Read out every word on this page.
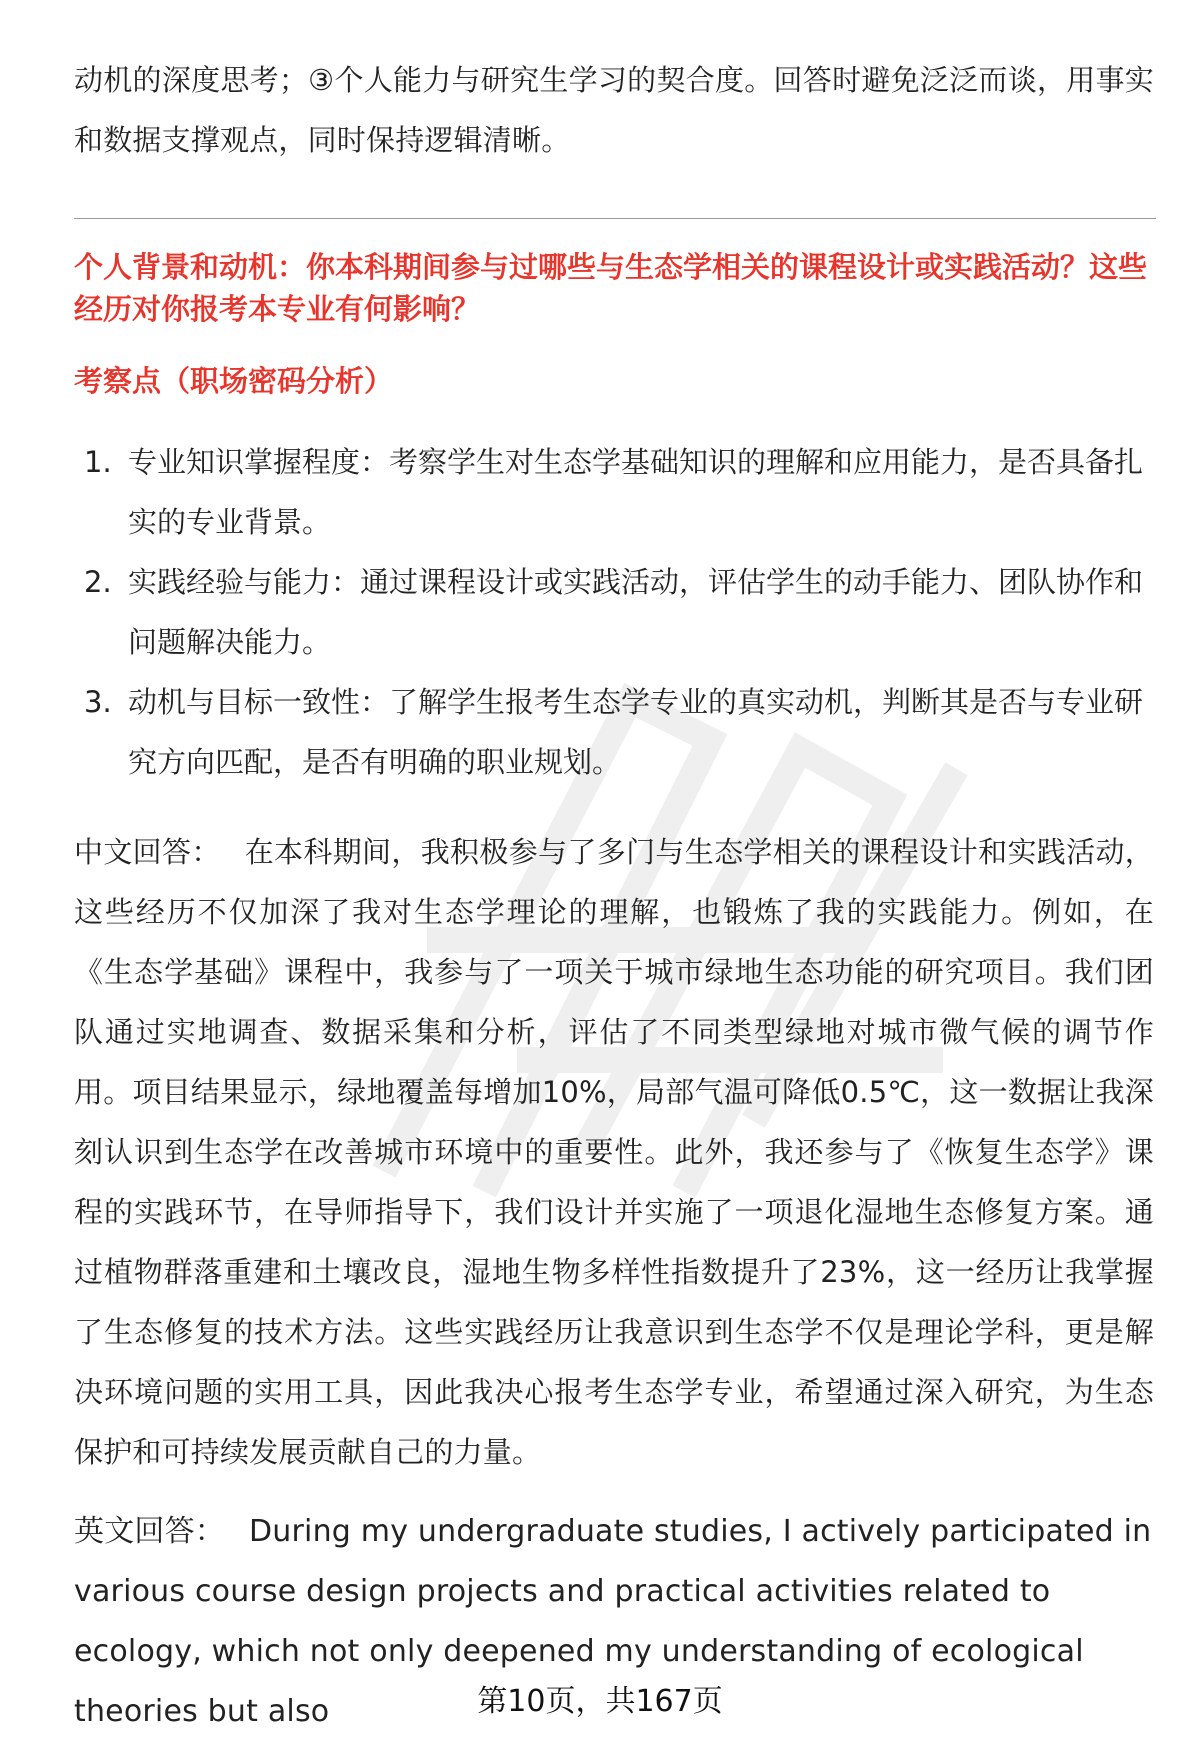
动机的深度思考；③个人能力与研究生学习的契合度。回答时避免泛泛而谈，用事实和数据支撑观点，同时保持逻辑清晰。

个人背景和动机：你本科期间参与过哪些与生态学相关的课程设计或实践活动？这些经历对你报考本专业有何影响？
考察点（职场密码分析）
1. 专业知识掌握程度：考察学生对生态学基础知识的理解和应用能力，是否具备扎实的专业背景。
2. 实践经验与能力：通过课程设计或实践活动，评估学生的动手能力、团队协作和问题解决能力。
3. 动机与目标一致性：了解学生报考生态学专业的真实动机，判断其是否与专业研究方向匹配，是否有明确的职业规划。

中文回答： 在本科期间，我积极参与了多门与生态学相关的课程设计和实践活动，这些经历不仅加深了我对生态学理论的理解，也锻炼了我的实践能力。例如，在《生态学基础》课程中，我参与了一项关于城市绿地生态功能的研究项目。我们团队通过实地调查、数据采集和分析，评估了不同类型绿地对城市微气候的调节作用。项目结果显示，绿地覆盖每增加10%，局部气温可降低0.5℃，这一数据让我深刻认识到生态学在改善城市环境中的重要性。此外，我还参与了《恢复生态学》课程的实践环节，在导师指导下，我们设计并实施了一项退化湿地生态修复方案。通过植物群落重建和土壤改良，湿地生物多样性指数提升了23%，这一经历让我掌握了生态修复的技术方法。这些实践经历让我意识到生态学不仅是理论学科，更是解决环境问题的实用工具，因此我决心报考生态学专业，希望通过深入研究，为生态保护和可持续发展贡献自己的力量。

英文回答： During my undergraduate studies, I actively participated in various course design projects and practical activities related to ecology, which not only deepened my understanding of ecological theories but also	第10页，共167页
